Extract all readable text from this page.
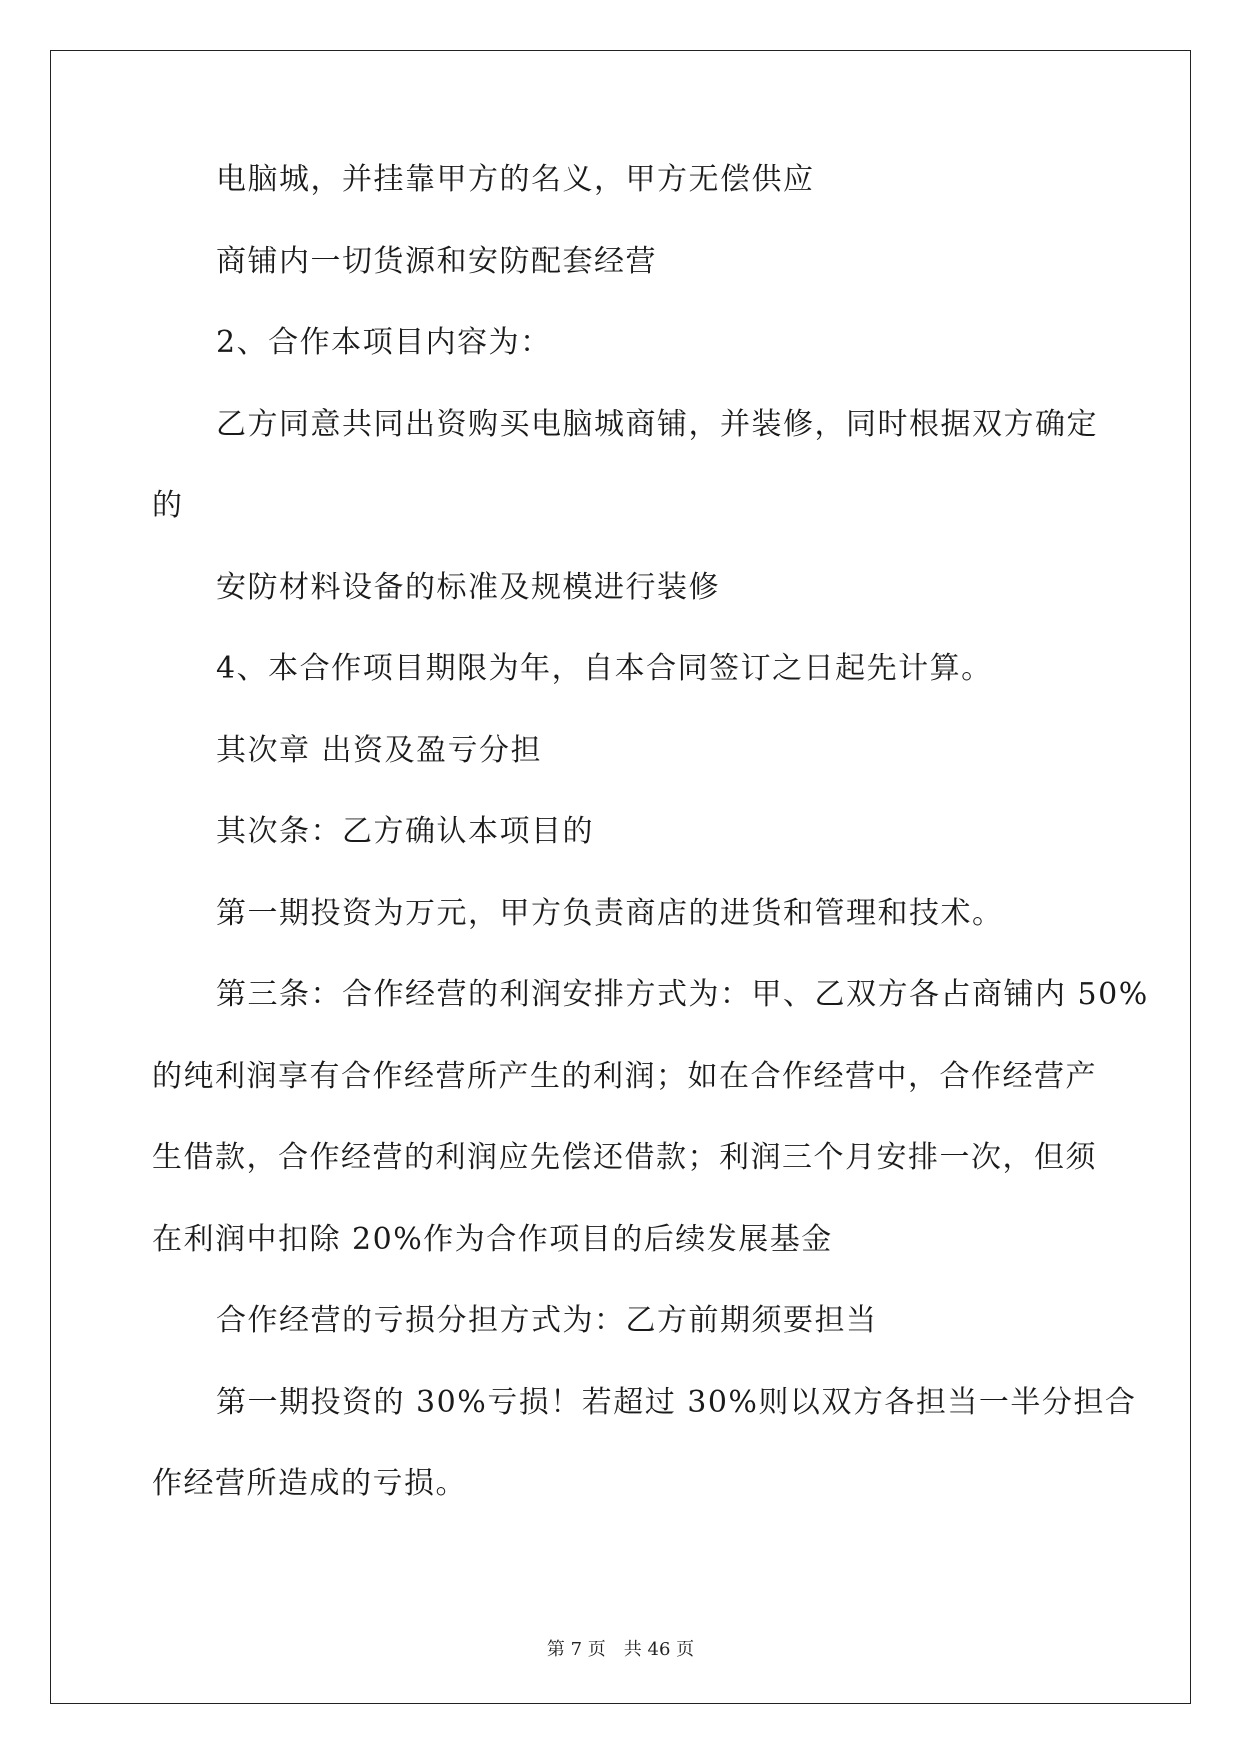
电脑城，并挂靠甲方的名义，甲方无偿供应
商铺内一切货源和安防配套经营
2、合作本项目内容为：
乙方同意共同出资购买电脑城商铺，并装修，同时根据双方确定
的
安防材料设备的标准及规模进行装修
4、本合作项目期限为年，自本合同签订之日起先计算。
其次章 出资及盈亏分担
其次条：乙方确认本项目的
第一期投资为万元，甲方负责商店的进货和管理和技术。
第三条：合作经营的利润安排方式为：甲、乙双方各占商铺内 50%
的纯利润享有合作经营所产生的利润；如在合作经营中，合作经营产
生借款，合作经营的利润应先偿还借款；利润三个月安排一次，但须
在利润中扣除 20%作为合作项目的后续发展基金
合作经营的亏损分担方式为：乙方前期须要担当
第一期投资的 30%亏损！若超过 30%则以双方各担当一半分担合
作经营所造成的亏损。
第 7 页 共 46 页
